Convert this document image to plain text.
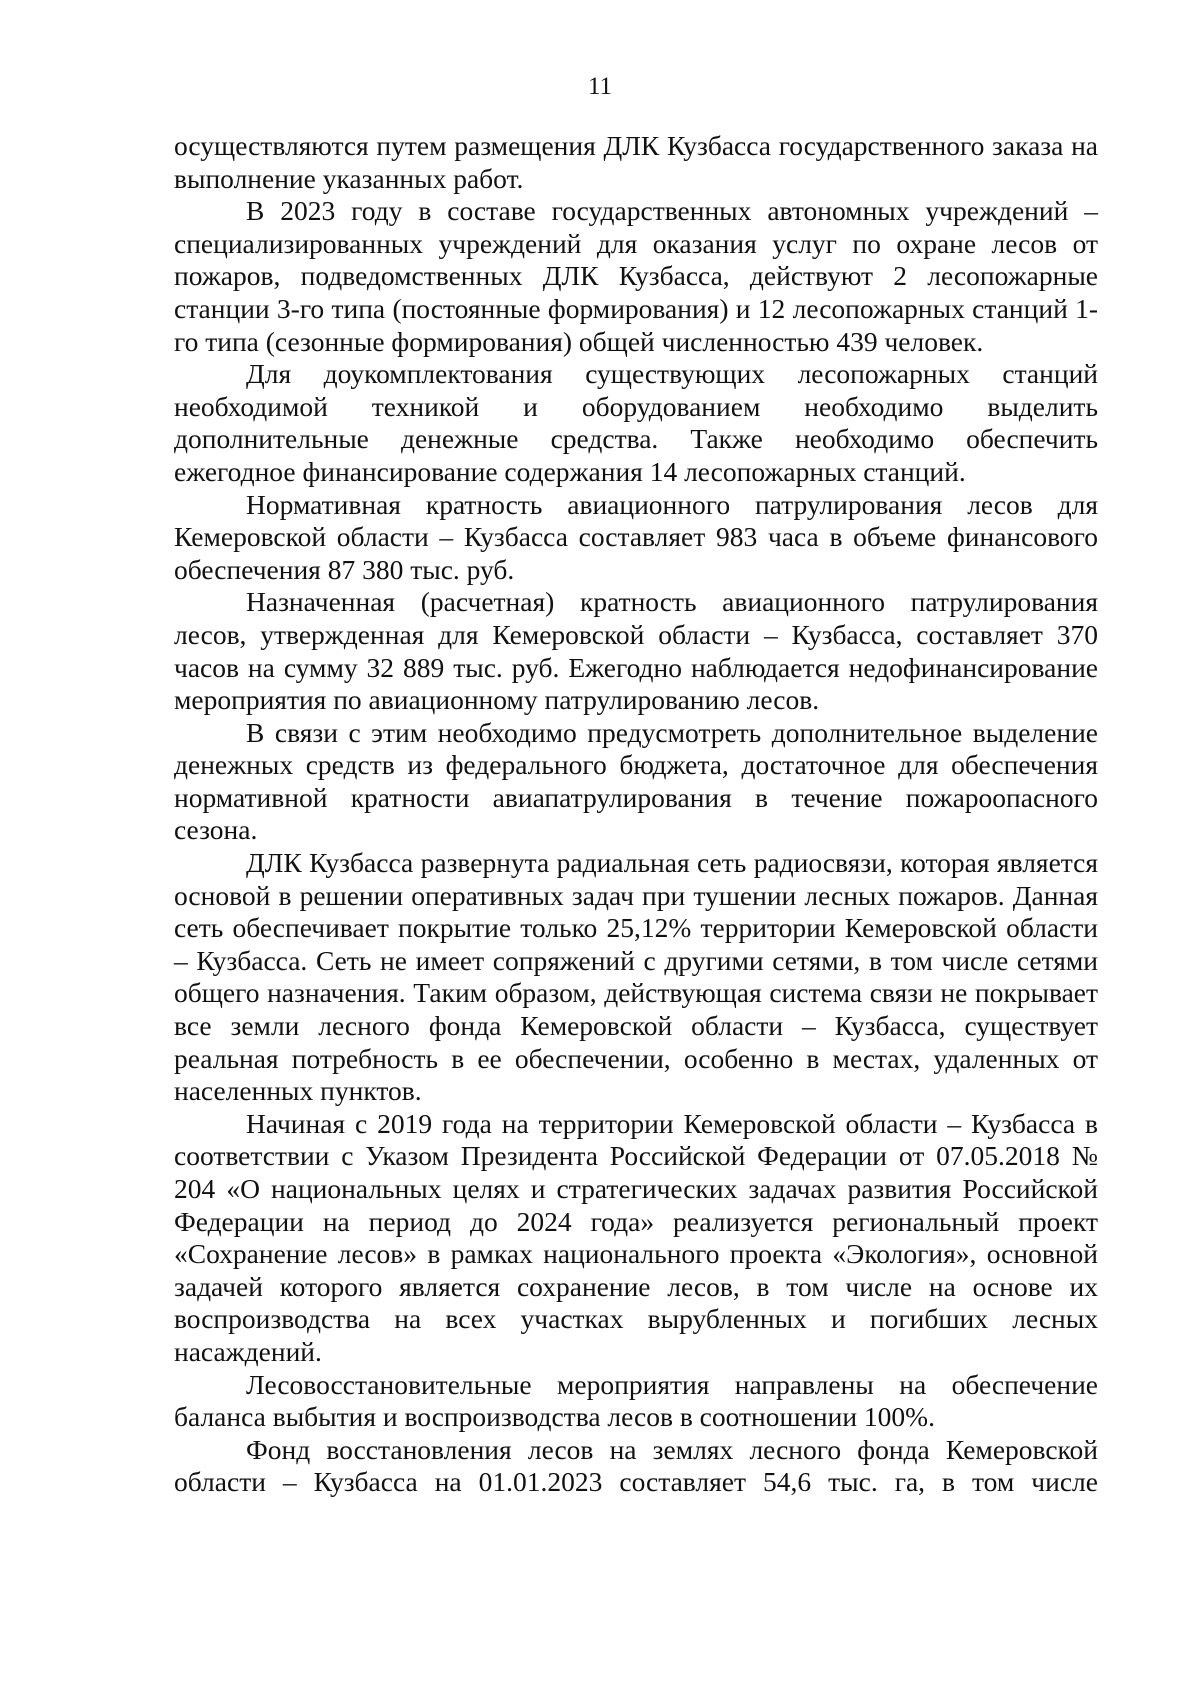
11

осуществляются путем размещения ДЛК Кузбасса государственного заказа на выполнение указанных работ.

В 2023 году в составе государственных автономных учреждений – специализированных учреждений для оказания услуг по охране лесов от пожаров, подведомственных ДЛК Кузбасса, действуют 2 лесопожарные станции 3-го типа (постоянные формирования) и 12 лесопожарных станций 1-го типа (сезонные формирования) общей численностью 439 человек.

Для доукомплектования существующих лесопожарных станций необходимой техникой и оборудованием необходимо выделить дополнительные денежные средства. Также необходимо обеспечить ежегодное финансирование содержания 14 лесопожарных станций.

Нормативная кратность авиационного патрулирования лесов для Кемеровской области – Кузбасса составляет 983 часа в объеме финансового обеспечения 87 380 тыс. руб.

Назначенная (расчетная) кратность авиационного патрулирования лесов, утвержденная для Кемеровской области – Кузбасса, составляет 370 часов на сумму 32 889 тыс. руб. Ежегодно наблюдается недофинансирование мероприятия по авиационному патрулированию лесов.

В связи с этим необходимо предусмотреть дополнительное выделение денежных средств из федерального бюджета, достаточное для обеспечения нормативной кратности авиапатрулирования в течение пожароопасного сезона.

ДЛК Кузбасса развернута радиальная сеть радиосвязи, которая является основой в решении оперативных задач при тушении лесных пожаров. Данная сеть обеспечивает покрытие только 25,12% территории Кемеровской области – Кузбасса. Сеть не имеет сопряжений с другими сетями, в том числе сетями общего назначения. Таким образом, действующая система связи не покрывает все земли лесного фонда Кемеровской области – Кузбасса, существует реальная потребность в ее обеспечении, особенно в местах, удаленных от населенных пунктов.

Начиная с 2019 года на территории Кемеровской области – Кузбасса в соответствии с Указом Президента Российской Федерации от 07.05.2018 № 204 «О национальных целях и стратегических задачах развития Российской Федерации на период до 2024 года» реализуется региональный проект «Сохранение лесов» в рамках национального проекта «Экология», основной задачей которого является сохранение лесов, в том числе на основе их воспроизводства на всех участках вырубленных и погибших лесных насаждений.

Лесовосстановительные мероприятия направлены на обеспечение баланса выбытия и воспроизводства лесов в соотношении 100%.

Фонд восстановления лесов на землях лесного фонда Кемеровской области – Кузбасса на 01.01.2023 составляет 54,6 тыс. га, в том числе
